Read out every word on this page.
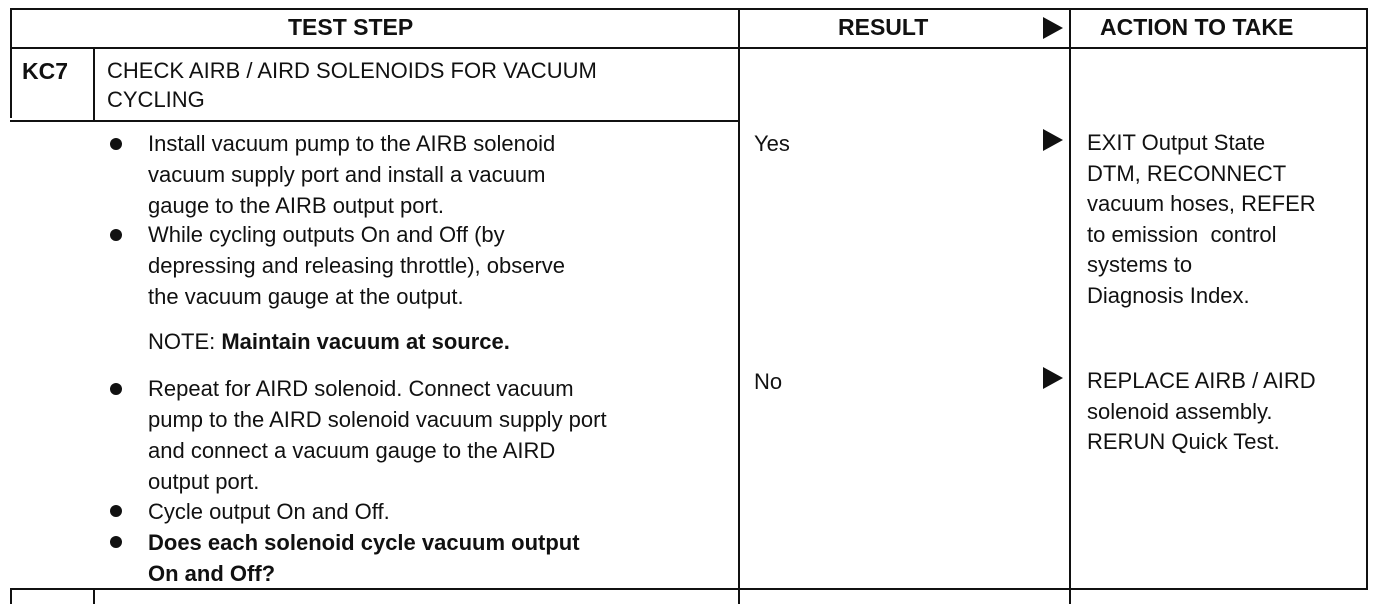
TEST STEP	RESULT	ACTION TO TAKE
KC7 CHECK AIRB / AIRD SOLENOIDS FOR VACUUM
CYCLING
Install vacuum pump to the AIRB solenoid
vacuum supply port and install a vacuum
gauge to the AIRB output port.
While cycling outputs On and Off (by
depressing and releasing throttle), observe
the vacuum gauge at the output.
NOTE: Maintain vacuum at source.
Repeat for AIRD solenoid. Connect vacuum
pump to the AIRD solenoid vacuum supply port
and connect a vacuum gauge to the AIRD
output port.
Cycle output On and Off.
Does each solenoid cycle vacuum output
On and Off?
Yes
No
EXIT Output State
DTM, RECONNECT
vacuum hoses, REFER
to emission  control
systems to
Diagnosis Index.
REPLACE AIRB / AIRD
solenoid assembly.
RERUN Quick Test.
